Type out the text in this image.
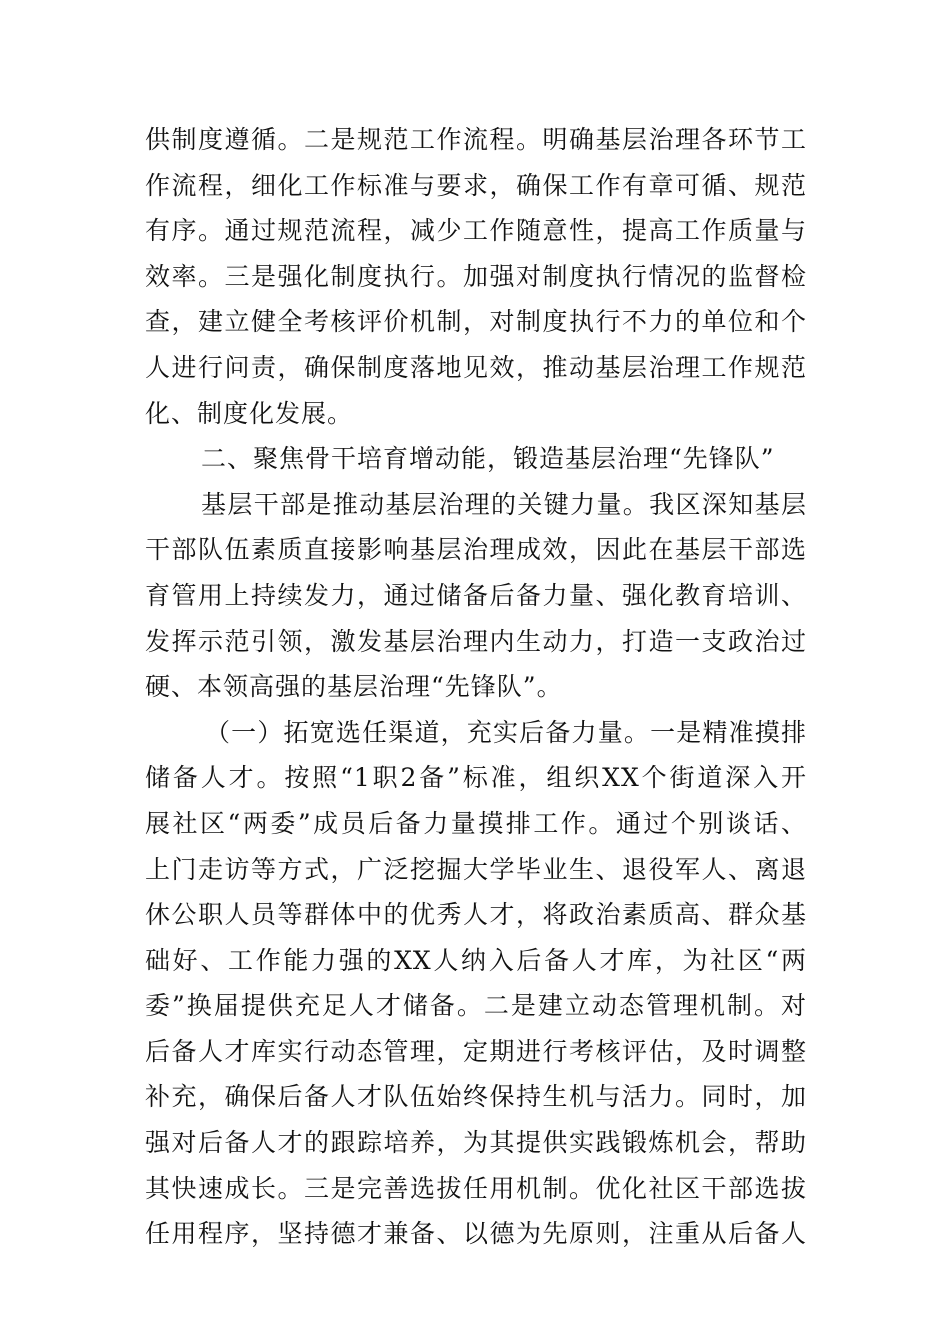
供制度遵循。二是规范工作流程。明确基层治理各环节工
作流程，细化工作标准与要求，确保工作有章可循、规范
有序。通过规范流程，减少工作随意性，提高工作质量与
效率。三是强化制度执行。加强对制度执行情况的监督检
查，建立健全考核评价机制，对制度执行不力的单位和个
人进行问责，确保制度落地见效，推动基层治理工作规范
化、制度化发展。
二、聚焦骨干培育增动能，锻造基层治理“先锋队”
基层干部是推动基层治理的关键力量。我区深知基层
干部队伍素质直接影响基层治理成效，因此在基层干部选
育管用上持续发力，通过储备后备力量、强化教育培训、
发挥示范引领，激发基层治理内生动力，打造一支政治过
硬、本领高强的基层治理“先锋队”。
（一）拓宽选任渠道，充实后备力量。一是精准摸排
储备人才。按照“1职2备”标准，组织XX个街道深入开
展社区“两委”成员后备力量摸排工作。通过个别谈话、
上门走访等方式，广泛挖掘大学毕业生、退役军人、离退
休公职人员等群体中的优秀人才，将政治素质高、群众基
础好、工作能力强的XX人纳入后备人才库，为社区“两
委”换届提供充足人才储备。二是建立动态管理机制。对
后备人才库实行动态管理，定期进行考核评估，及时调整
补充，确保后备人才队伍始终保持生机与活力。同时，加
强对后备人才的跟踪培养，为其提供实践锻炼机会，帮助
其快速成长。三是完善选拔任用机制。优化社区干部选拔
任用程序，坚持德才兼备、以德为先原则，注重从后备人
